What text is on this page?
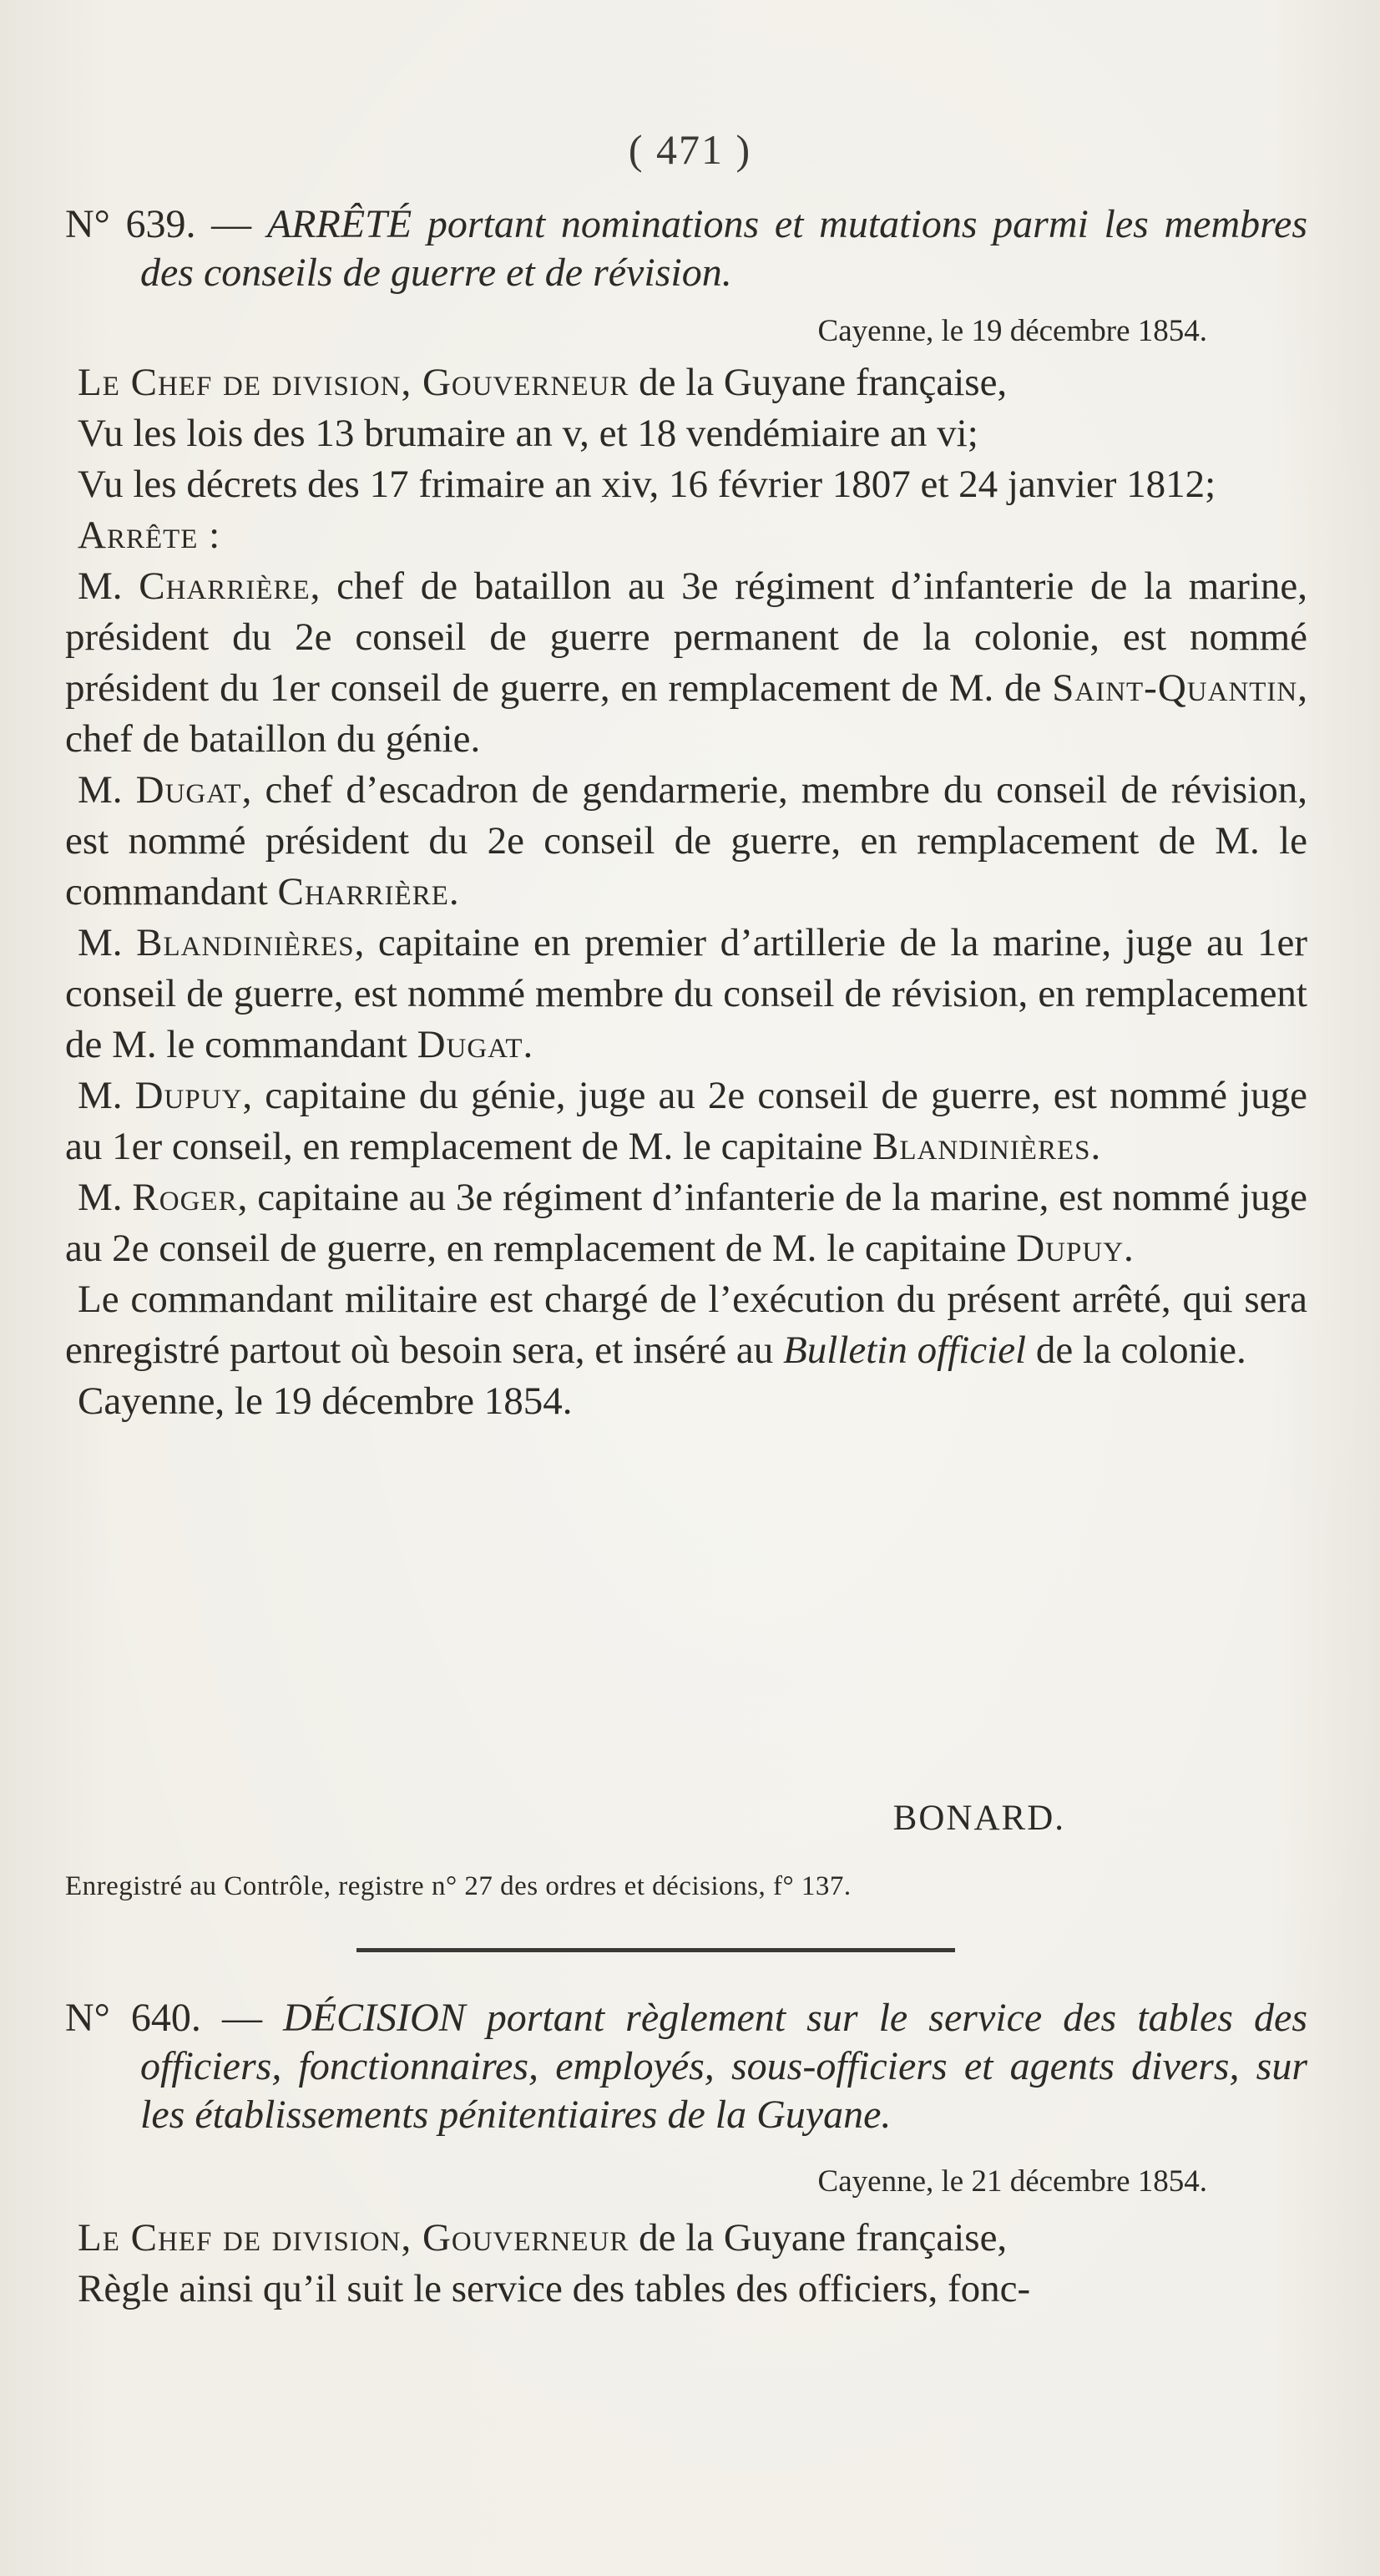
( 471 )

N° 639. — ARRÊTÉ portant nominations et mutations parmi les membres des conseils de guerre et de révision.

Cayenne, le 19 décembre 1854.

Le Chef de division, Gouverneur de la Guyane française,

Vu les lois des 13 brumaire an v, et 18 vendémiaire an vi;

Vu les décrets des 17 frimaire an xiv, 16 février 1807 et 24 janvier 1812;

Arrête :

M. Charrière, chef de bataillon au 3e régiment d’infanterie de la marine, président du 2e conseil de guerre permanent de la colonie, est nommé président du 1er conseil de guerre, en remplacement de M. de Saint-Quantin, chef de bataillon du génie.

M. Dugat, chef d’escadron de gendarmerie, membre du conseil de révision, est nommé président du 2e conseil de guerre, en remplacement de M. le commandant Charrière.

M. Blandinières, capitaine en premier d’artillerie de la marine, juge au 1er conseil de guerre, est nommé membre du conseil de révision, en remplacement de M. le commandant Dugat.

M. Dupuy, capitaine du génie, juge au 2e conseil de guerre, est nommé juge au 1er conseil, en remplacement de M. le capitaine Blandinières.

M. Roger, capitaine au 3e régiment d’infanterie de la marine, est nommé juge au 2e conseil de guerre, en remplacement de M. le capitaine Dupuy.

Le commandant militaire est chargé de l’exécution du présent arrêté, qui sera enregistré partout où besoin sera, et inséré au Bulletin officiel de la colonie.

Cayenne, le 19 décembre 1854.

BONARD.

Enregistré au Contrôle, registre n° 27 des ordres et décisions, f° 137.

N° 640. — DÉCISION portant règlement sur le service des tables des officiers, fonctionnaires, employés, sous-officiers et agents divers, sur les établissements pénitentiaires de la Guyane.

Cayenne, le 21 décembre 1854.

Le Chef de division, Gouverneur de la Guyane française,

Règle ainsi qu’il suit le service des tables des officiers, fonc-
